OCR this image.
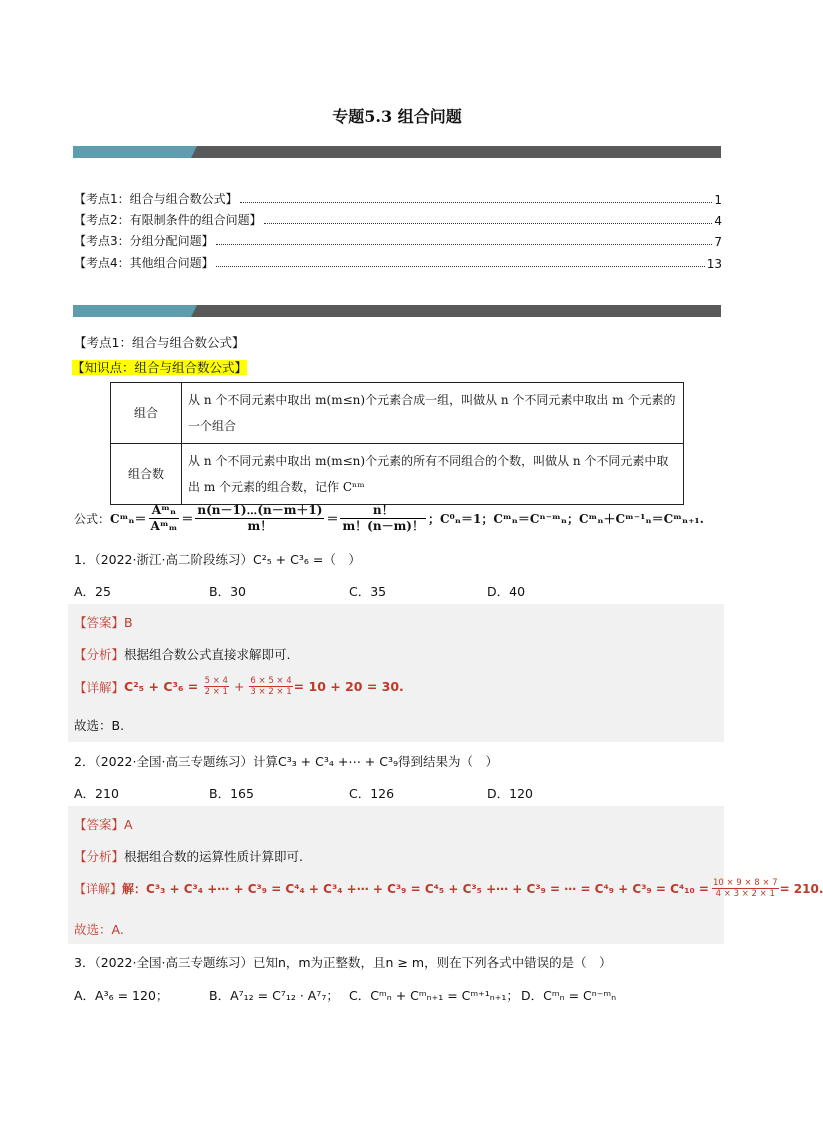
专题5.3 组合问题
【考点1：组合与组合数公式】	1
【考点2：有限制条件的组合问题】	4
【考点3：分组分配问题】	7
【考点4：其他组合问题】	13
【考点1：组合与组合数公式】
【知识点：组合与组合数公式】
组合	从 n 个不同元素中取出 m(m≤n)个元素合成一组，叫做从 n 个不同元素中取出 m 个元素的一个组合
组合数	从 n 个不同元素中取出 m(m≤n)个元素的所有不同组合的个数，叫做从 n 个不同元素中取出 m 个元素的组合数，记作 Cⁿᵐ
公式： Cᵐₙ＝
Aᵐₙ
Aᵐₘ ＝
n(n－1)⋯(n－m＋1)
m！	＝
n！
m！(n－m)！ ；C⁰ₙ＝1；Cᵐₙ＝Cⁿ⁻ᵐₙ；Cᵐₙ＋Cᵐ⁻¹ₙ＝Cᵐₙ₊₁.
1．（2022·浙江·高二阶段练习）C²₅ + C³₆ =（　）
A．25	B．30	C．35	D．40
【答案】B
【分析】根据组合数公式直接求解即可.
【详解】 $C^2_5 + C^3_6 = \frac{5 \times 4}{2 \times 1} + \frac{6 \times 5 \times 4}{3 \times 2 \times 1} = 10 + 20 = 30$.
故选：B.
2．（2022·全国·高三专题练习）计算C³₃ + C³₄ +⋯ + C³₉得到结果为（　）
A．210	B．165	C．126	D．120
【答案】A
【分析】根据组合数的运算性质计算即可.
【详解】 解：C³₃ + C³₄ +⋯ + C³₉ = C⁴₄ + C³₄ +⋯ + C³₉ = C⁴₅ + C³₅ +⋯ + C³₉ = ⋯ = $C^4_9 + C^3_9 = C^4_{10} = \frac{10 \times 9 \times 8 \times 7}{4 \times 3 \times 2 \times 1} = 210$.
故选：A.
3．（2022·全国·高三专题练习）已知n，m为正整数，且n ≥ m，则在下列各式中错误的是（　）
A．A³₆ = 120；	B．A⁷₁₂ = C⁷₁₂ · A⁷₇； C．Cᵐₙ + Cᵐₙ₊₁ = Cᵐ⁺¹ₙ₊₁； D．Cᵐₙ = Cⁿ⁻ᵐₙ
